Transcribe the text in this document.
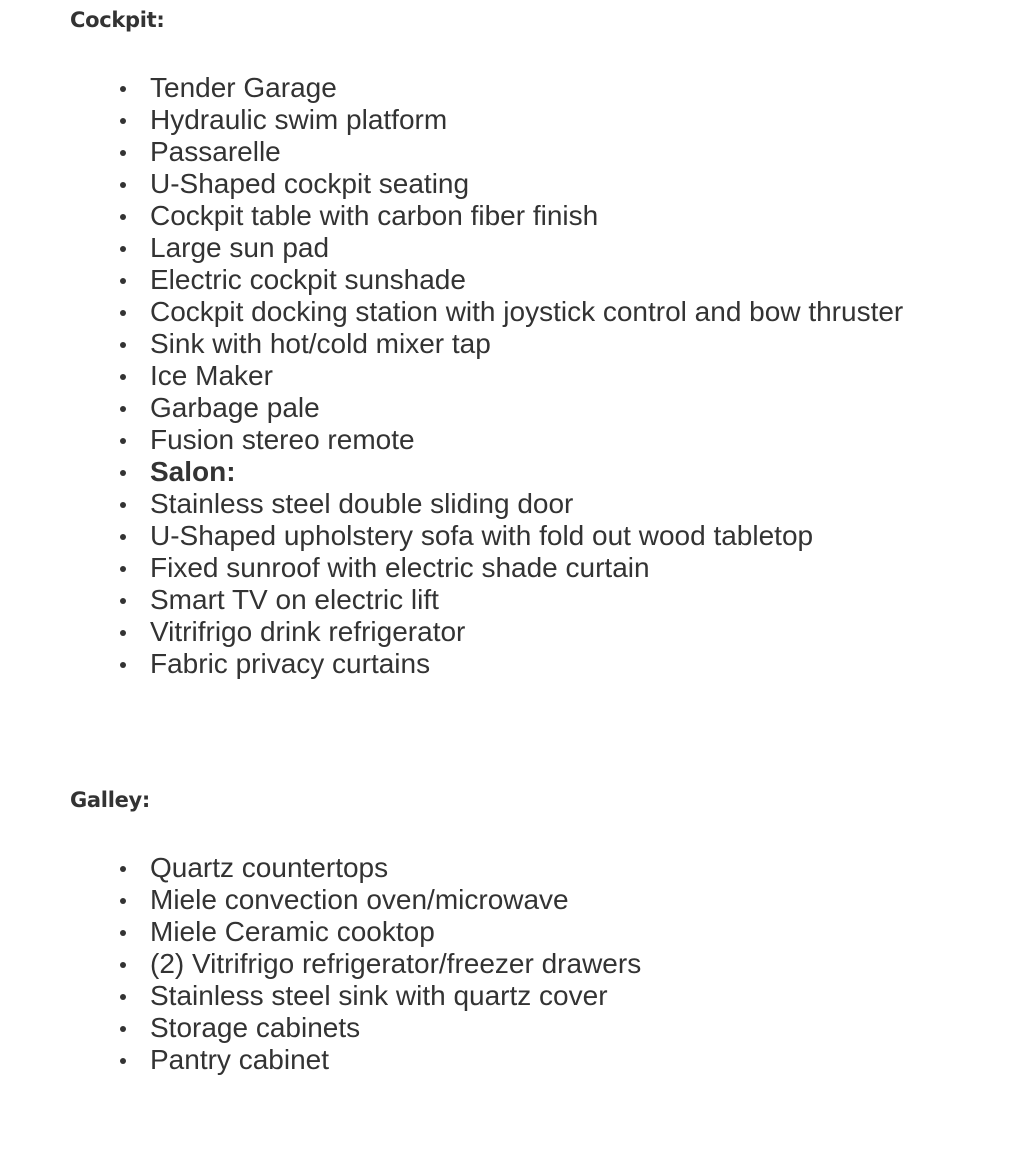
Cockpit:
Tender Garage
Hydraulic swim platform
Passarelle
U-Shaped cockpit seating
Cockpit table with carbon fiber finish
Large sun pad
Electric cockpit sunshade
Cockpit docking station with joystick control and bow thruster
Sink with hot/cold mixer tap
Ice Maker
Garbage pale
Fusion stereo remote
Salon:
Stainless steel double sliding door
U-Shaped upholstery sofa with fold out wood tabletop
Fixed sunroof with electric shade curtain
Smart TV on electric lift
Vitrifrigo drink refrigerator
Fabric privacy curtains
Galley:
Quartz countertops
Miele convection oven/microwave
Miele Ceramic cooktop
(2) Vitrifrigo refrigerator/freezer drawers
Stainless steel sink with quartz cover
Storage cabinets
Pantry cabinet
